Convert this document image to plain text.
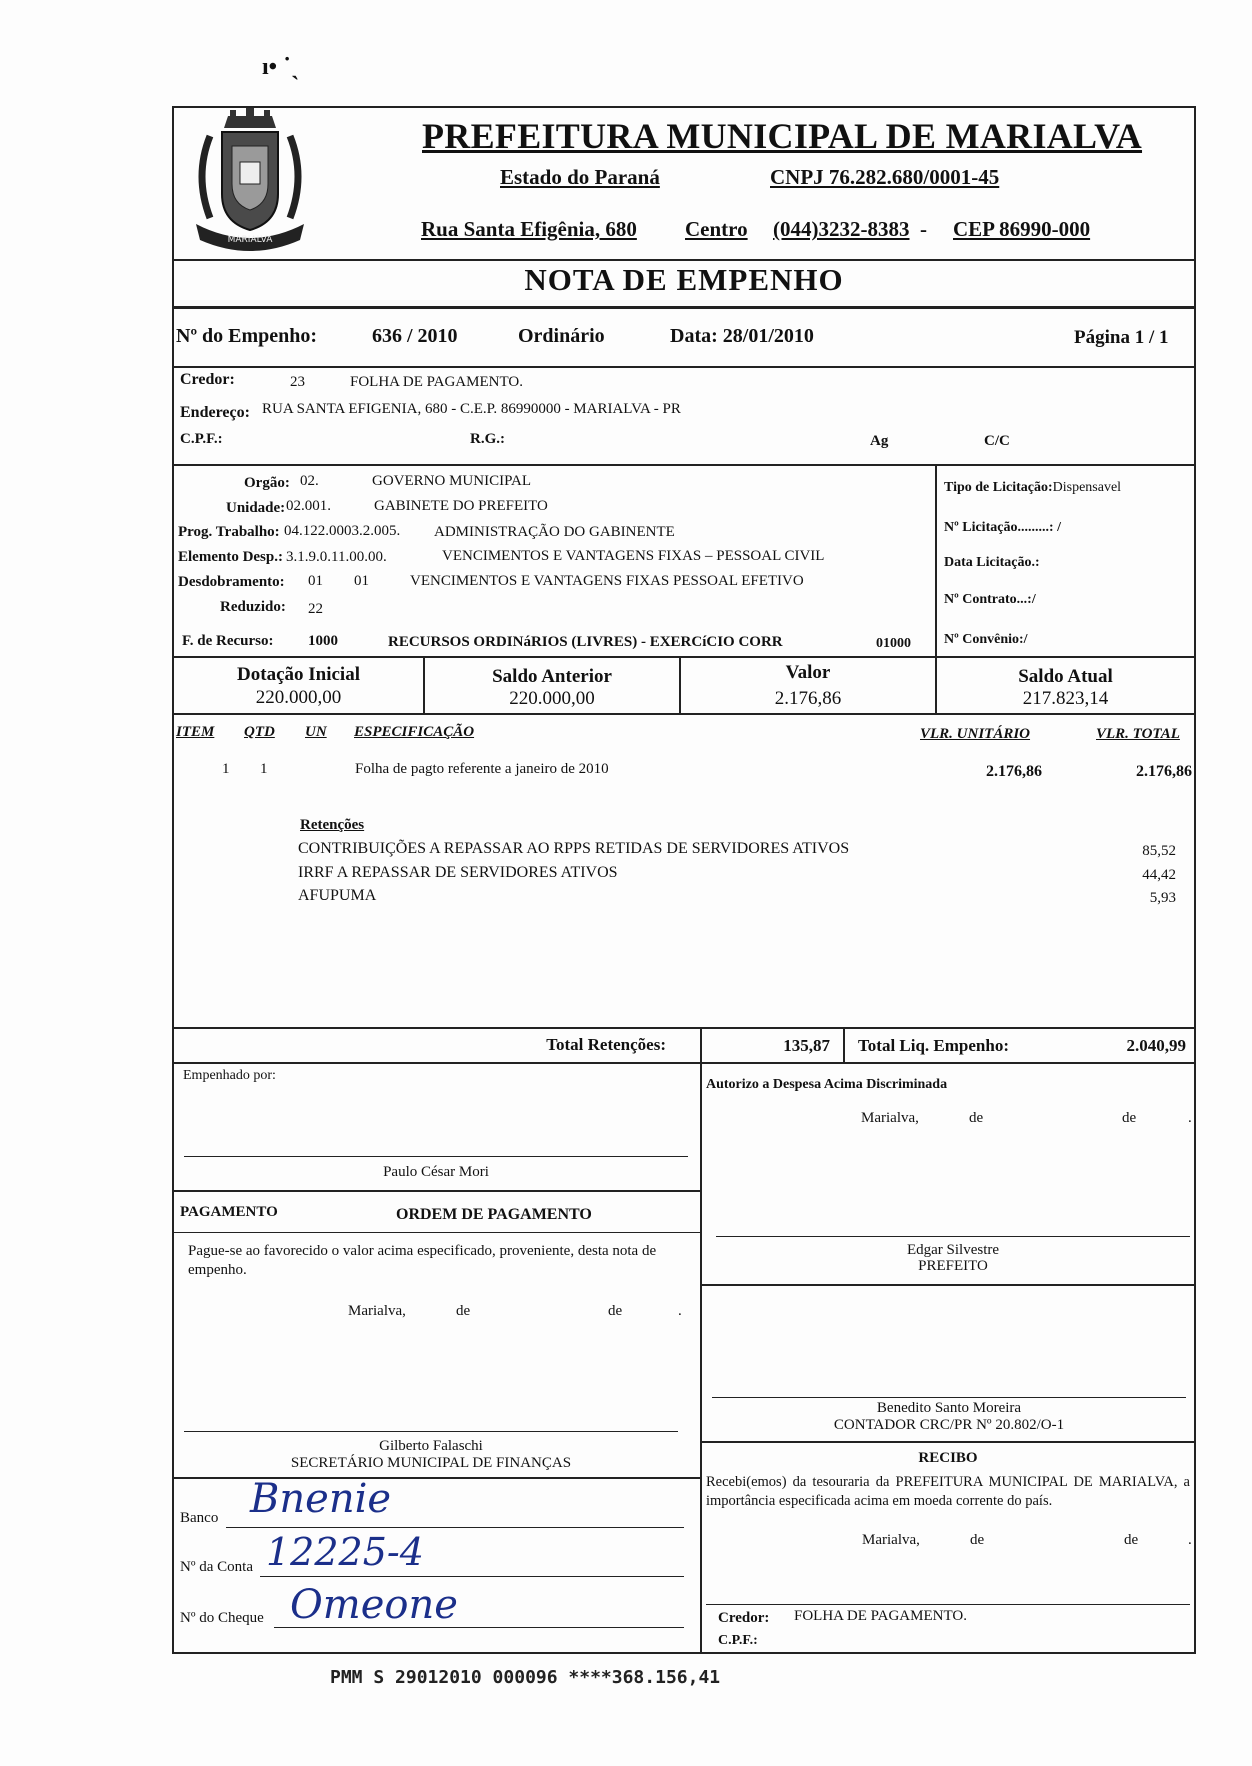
ı• ˙ˎ
MARIALVA
PREFEITURA MUNICIPAL DE MARIALVA
Estado do Paraná	CNPJ 76.282.680/0001-45
Rua Santa Efigênia, 680 Centro (044)3232-8383 - CEP 86990-000
NOTA DE EMPENHO
Nº do Empenho:	636 / 2010	Ordinário	Data: 28/01/2010	Página 1 / 1
Credor:	23	FOLHA DE PAGAMENTO.
Endereço: RUA SANTA EFIGENIA, 680 - C.E.P. 86990000 - MARIALVA - PR
C.P.F.:	R.G.:	Ag	C/C
Orgão: 02.	GOVERNO MUNICIPAL
Unidade: 02.001.	GABINETE DO PREFEITO
Prog. Trabalho: 04.122.0003.2.005. ADMINISTRAÇÃO DO GABINENTE
Elemento Desp.: 3.1.9.0.11.00.00.	VENCIMENTOS E VANTAGENS FIXAS – PESSOAL CIVIL
Desdobramento: 01 01	VENCIMENTOS E VANTAGENS FIXAS PESSOAL EFETIVO
Reduzido: 22
F. de Recurso: 1000	RECURSOS ORDINáRIOS (LIVRES) - EXERCíCIO CORR	01000
Tipo de Licitação:Dispensavel
Nº Licitação.........: /
Data Licitação.:
Nº Contrato...:/
Nº Convênio:/
Dotação Inicial
220.000,00
Saldo Anterior
220.000,00
Valor
2.176,86
Saldo Atual
217.823,14
ITEM QTD UN ESPECIFICAÇÃO	VLR. UNITÁRIO	VLR. TOTAL
1 1	Folha de pagto referente a janeiro de 2010	2.176,86	2.176,86
Retenções
CONTRIBUIÇÕES A REPASSAR AO RPPS RETIDAS DE SERVIDORES ATIVOS	85,52
IRRF A REPASSAR DE SERVIDORES ATIVOS	44,42
AFUPUMA	5,93
Total Retenções:	135,87 Total Liq. Empenho:	2.040,99
Empenhado por:
Paulo César Mori
Autorizo a Despesa Acima Discriminada
Marialva,	de	de	.
PAGAMENTO	ORDEM DE PAGAMENTO
Pague-se ao favorecido o valor acima especificado, proveniente, desta nota de empenho.
Marialva,	de	de	.
Edgar Silvestre
PREFEITO
Benedito Santo Moreira
CONTADOR CRC/PR Nº 20.802/O-1
Gilberto Falaschi
SECRETÁRIO MUNICIPAL DE FINANÇAS	RECIBO
Recebi(emos) da tesouraria da PREFEITURA MUNICIPAL DE MARIALVA, a importância especificada acima em moeda corrente do país.
Marialva,	de	de	.
Banco Bnenie
Nº da Conta 12225-4
Nº do Cheque Omeone	Credor: FOLHA DE PAGAMENTO.
C.P.F.:
PMM S 29012010 000096 ****368.156,41
